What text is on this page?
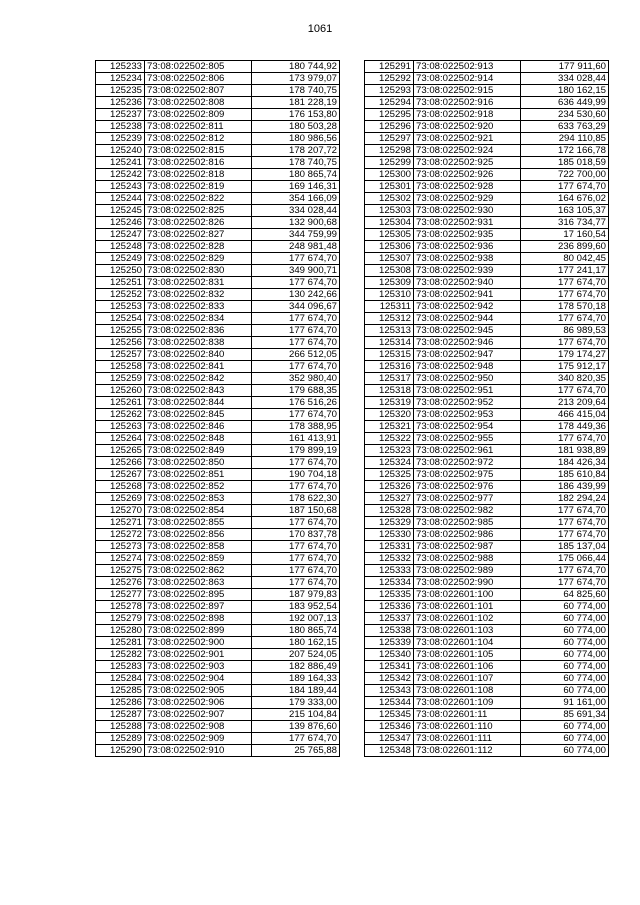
1061
125233	73:08:022502:805	180 744,92
125234	73:08:022502:806	173 979,07
125235	73:08:022502:807	178 740,75
125236	73:08:022502:808	181 228,19
125237	73:08:022502:809	176 153,80
125238	73:08:022502:811	180 503,28
125239	73:08:022502:812	180 986,56
125240	73:08:022502:815	178 207,72
125241	73:08:022502:816	178 740,75
125242	73:08:022502:818	180 865,74
125243	73:08:022502:819	169 146,31
125244	73:08:022502:822	354 166,09
125245	73:08:022502:825	334 028,44
125246	73:08:022502:826	132 900,68
125247	73:08:022502:827	344 759,99
125248	73:08:022502:828	248 981,48
125249	73:08:022502:829	177 674,70
125250	73:08:022502:830	349 900,71
125251	73:08:022502:831	177 674,70
125252	73:08:022502:832	130 242,66
125253	73:08:022502:833	344 096,67
125254	73:08:022502:834	177 674,70
125255	73:08:022502:836	177 674,70
125256	73:08:022502:838	177 674,70
125257	73:08:022502:840	266 512,05
125258	73:08:022502:841	177 674,70
125259	73:08:022502:842	352 980,40
125260	73:08:022502:843	179 688,35
125261	73:08:022502:844	176 516,26
125262	73:08:022502:845	177 674,70
125263	73:08:022502:846	178 388,95
125264	73:08:022502:848	161 413,91
125265	73:08:022502:849	179 899,19
125266	73:08:022502:850	177 674,70
125267	73:08:022502:851	190 704,18
125268	73:08:022502:852	177 674,70
125269	73:08:022502:853	178 622,30
125270	73:08:022502:854	187 150,68
125271	73:08:022502:855	177 674,70
125272	73:08:022502:856	170 837,78
125273	73:08:022502:858	177 674,70
125274	73:08:022502:859	177 674,70
125275	73:08:022502:862	177 674,70
125276	73:08:022502:863	177 674,70
125277	73:08:022502:895	187 979,83
125278	73:08:022502:897	183 952,54
125279	73:08:022502:898	192 007,13
125280	73:08:022502:899	180 865,74
125281	73:08:022502:900	180 162,15
125282	73:08:022502:901	207 524,05
125283	73:08:022502:903	182 886,49
125284	73:08:022502:904	189 164,33
125285	73:08:022502:905	184 189,44
125286	73:08:022502:906	179 333,00
125287	73:08:022502:907	215 104,84
125288	73:08:022502:908	139 876,60
125289	73:08:022502:909	177 674,70
125290	73:08:022502:910	25 765,88
125291	73:08:022502:913	177 911,60
125292	73:08:022502:914	334 028,44
125293	73:08:022502:915	180 162,15
125294	73:08:022502:916	636 449,99
125295	73:08:022502:918	234 530,60
125296	73:08:022502:920	633 763,29
125297	73:08:022502:921	294 110,85
125298	73:08:022502:924	172 166,78
125299	73:08:022502:925	185 018,59
125300	73:08:022502:926	722 700,00
125301	73:08:022502:928	177 674,70
125302	73:08:022502:929	164 676,02
125303	73:08:022502:930	163 105,37
125304	73:08:022502:931	316 734,77
125305	73:08:022502:935	17 160,54
125306	73:08:022502:936	236 899,60
125307	73:08:022502:938	80 042,45
125308	73:08:022502:939	177 241,17
125309	73:08:022502:940	177 674,70
125310	73:08:022502:941	177 674,70
125311	73:08:022502:942	178 570,18
125312	73:08:022502:944	177 674,70
125313	73:08:022502:945	86 989,53
125314	73:08:022502:946	177 674,70
125315	73:08:022502:947	179 174,27
125316	73:08:022502:948	175 912,17
125317	73:08:022502:950	340 820,35
125318	73:08:022502:951	177 674,70
125319	73:08:022502:952	213 209,64
125320	73:08:022502:953	466 415,04
125321	73:08:022502:954	178 449,36
125322	73:08:022502:955	177 674,70
125323	73:08:022502:961	181 938,89
125324	73:08:022502:972	184 426,34
125325	73:08:022502:975	185 610,84
125326	73:08:022502:976	186 439,99
125327	73:08:022502:977	182 294,24
125328	73:08:022502:982	177 674,70
125329	73:08:022502:985	177 674,70
125330	73:08:022502:986	177 674,70
125331	73:08:022502:987	185 137,04
125332	73:08:022502:988	175 066,44
125333	73:08:022502:989	177 674,70
125334	73:08:022502:990	177 674,70
125335	73:08:022601:100	64 825,60
125336	73:08:022601:101	60 774,00
125337	73:08:022601:102	60 774,00
125338	73:08:022601:103	60 774,00
125339	73:08:022601:104	60 774,00
125340	73:08:022601:105	60 774,00
125341	73:08:022601:106	60 774,00
125342	73:08:022601:107	60 774,00
125343	73:08:022601:108	60 774,00
125344	73:08:022601:109	91 161,00
125345	73:08:022601:11	85 691,34
125346	73:08:022601:110	60 774,00
125347	73:08:022601:111	60 774,00
125348	73:08:022601:112	60 774,00
